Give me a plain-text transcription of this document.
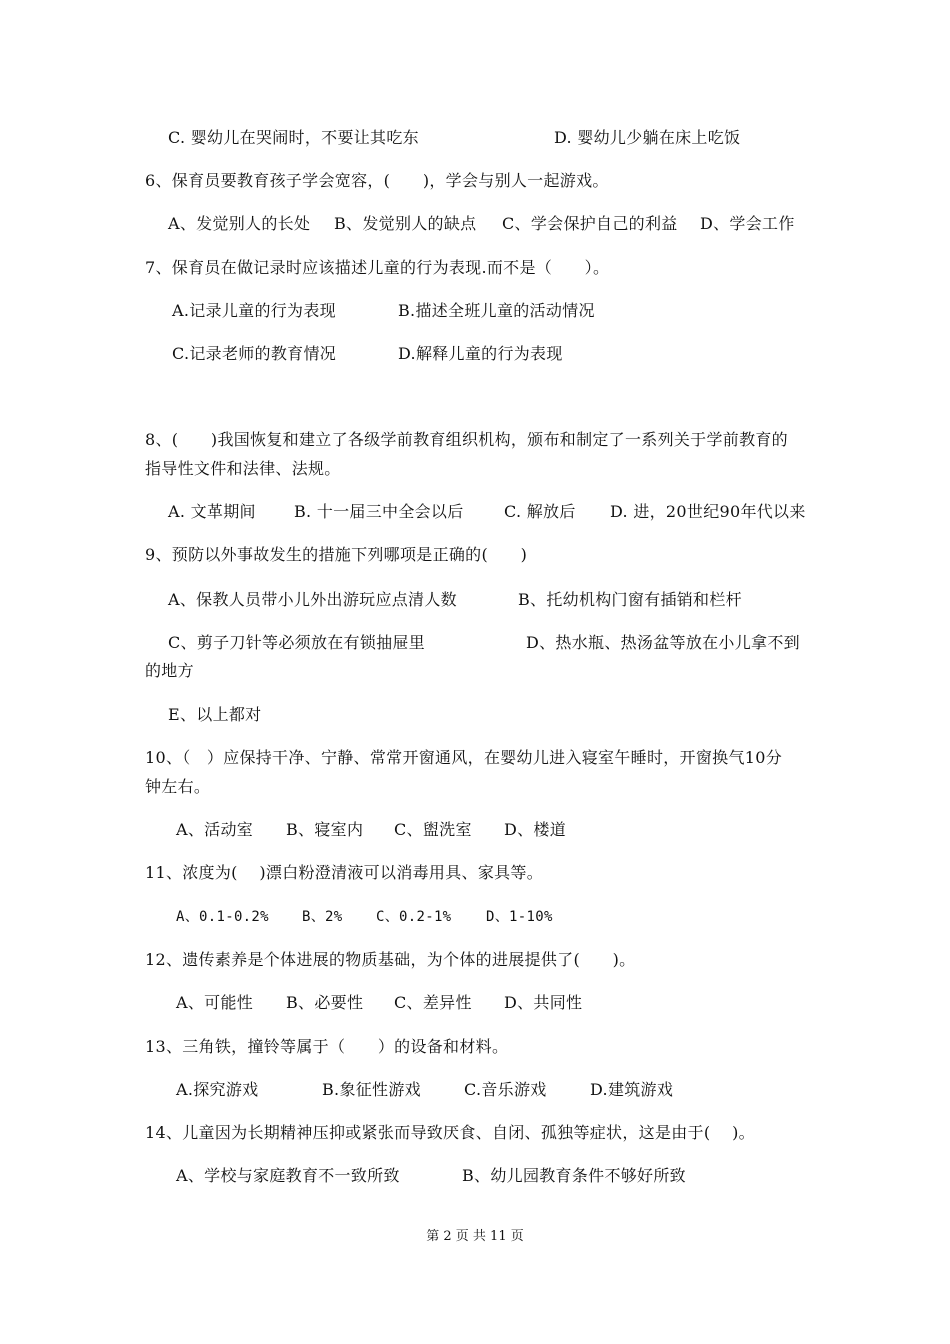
C. 婴幼儿在哭闹时，不要让其吃东	D. 婴幼儿少躺在床上吃饭

6、保育员要教育孩子学会宽容，(　　)，学会与别人一起游戏。

A、发觉别人的长处 B、发觉别人的缺点 C、学会保护自己的利益 D、学会工作

7、保育员在做记录时应该描述儿童的行为表现.而不是（　　）。

A.记录儿童的行为表现	B.描述全班儿童的活动情况
C.记录老师的教育情况	D.解释儿童的行为表现

8、(　　)我国恢复和建立了各级学前教育组织机构，颁布和制定了一系列关于学前教育的

指导性文件和法律、法规。

A. 文革期间 B. 十一届三中全会以后	C. 解放后 D. 进，20世纪90年代以来

9、预防以外事故发生的措施下列哪项是正确的(　　)

A、保教人员带小儿外出游玩应点清人数	B、托幼机构门窗有插销和栏杆
C、剪子刀针等必须放在有锁抽屉里	D、热水瓶、热汤盆等放在小儿拿不到

的地方

E、以上都对

10、（　）应保持干净、宁静、常常开窗通风，在婴幼儿进入寝室午睡时，开窗换气10分

钟左右。

A、活动室 B、寝室内 C、盥洗室 D、楼道

11、浓度为(　 )漂白粉澄清液可以消毒用具、家具等。

A、0.1-0.2% B、2% C、0.2-1% D、1-10%

12、遗传素养是个体进展的物质基础，为个体的进展提供了(　　)。

A、可能性 B、必要性 C、差异性 D、共同性

13、三角铁，撞铃等属于（　　）的设备和材料。

A.探究游戏	B.象征性游戏	C.音乐游戏	D.建筑游戏

14、儿童因为长期精神压抑或紧张而导致厌食、自闭、孤独等症状，这是由于(　 )。

A、学校与家庭教育不一致所致	B、幼儿园教育条件不够好所致
第 2 页 共 11 页
